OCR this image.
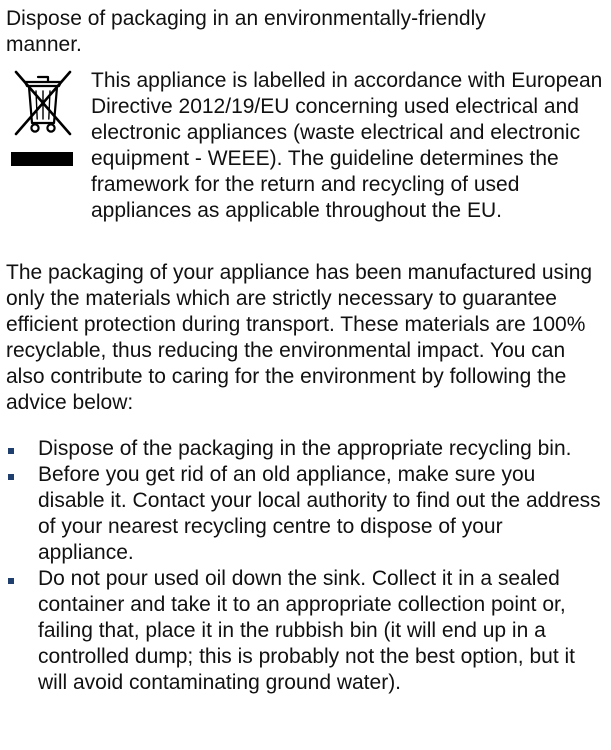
Dispose of packaging in an environmentally-friendly manner.

This appliance is labelled in accordance with European Directive 2012/19/EU concerning used electrical and electronic appliances (waste electrical and electronic equipment - WEEE). The guideline determines the framework for the return and recycling of used appliances as applicable throughout the EU.

The packaging of your appliance has been manufactured using only the materials which are strictly necessary to guarantee efficient protection during transport. These materials are 100% recyclable, thus reducing the environmental impact. You can also contribute to caring for the environment by following the advice below:

Dispose of the packaging in the appropriate recycling bin.
Before you get rid of an old appliance, make sure you disable it. Contact your local authority to find out the address of your nearest recycling centre to dispose of your appliance.
Do not pour used oil down the sink. Collect it in a sealed container and take it to an appropriate collection point or, failing that, place it in the rubbish bin (it will end up in a controlled dump; this is probably not the best option, but it will avoid contaminating ground water).
